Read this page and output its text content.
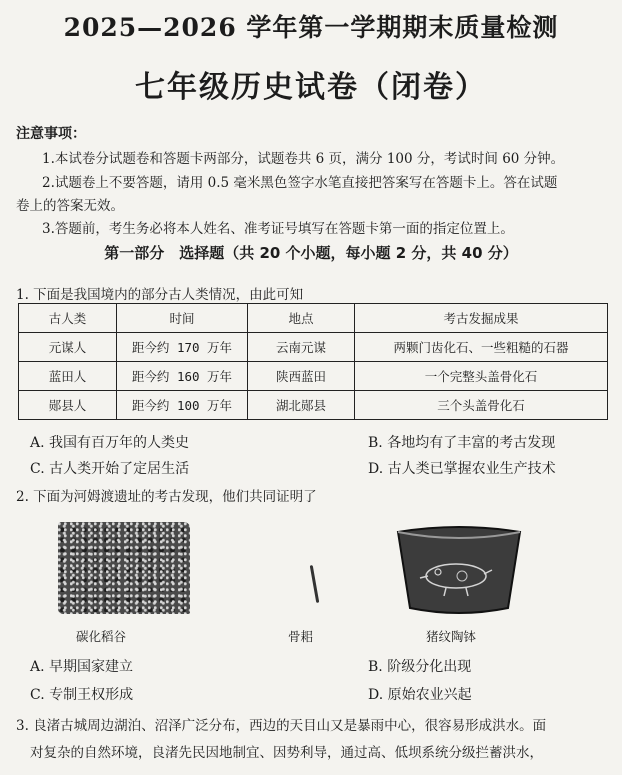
2025—2026 学年第一学期期末质量检测
七年级历史试卷（闭卷）
注意事项：
1.本试卷分试题卷和答题卡两部分，试题卷共 6 页，满分 100 分，考试时间 60 分钟。
2.试题卷上不要答题，请用 0.5 毫米黑色签字水笔直接把答案写在答题卡上。答在试题
卷上的答案无效。
3.答题前，考生务必将本人姓名、准考证号填写在答题卡第一面的指定位置上。
第一部分　选择题（共 20 个小题，每小题 2 分，共 40 分）
1. 下面是我国境内的部分古人类情况，由此可知
古人类	时间	地点	考古发掘成果
元谋人	距今约 170 万年	云南元谋	两颗门齿化石、一些粗糙的石器
蓝田人	距今约 160 万年	陕西蓝田	一个完整头盖骨化石
郧县人	距今约 100 万年	湖北郧县	三个头盖骨化石
A. 我国有百万年的人类史	B. 各地均有了丰富的考古发现
C. 古人类开始了定居生活	D. 古人类已掌握农业生产技术
2. 下面为河姆渡遗址的考古发现，他们共同证明了
碳化稻谷	骨耜	猪纹陶钵
A. 早期国家建立	B. 阶级分化出现
C. 专制王权形成	D. 原始农业兴起
3. 良渚古城周边湖泊、沼泽广泛分布，西边的天目山又是暴雨中心，很容易形成洪水。面
对复杂的自然环境，良渚先民因地制宜、因势利导，通过高、低坝系统分级拦蓄洪水，
